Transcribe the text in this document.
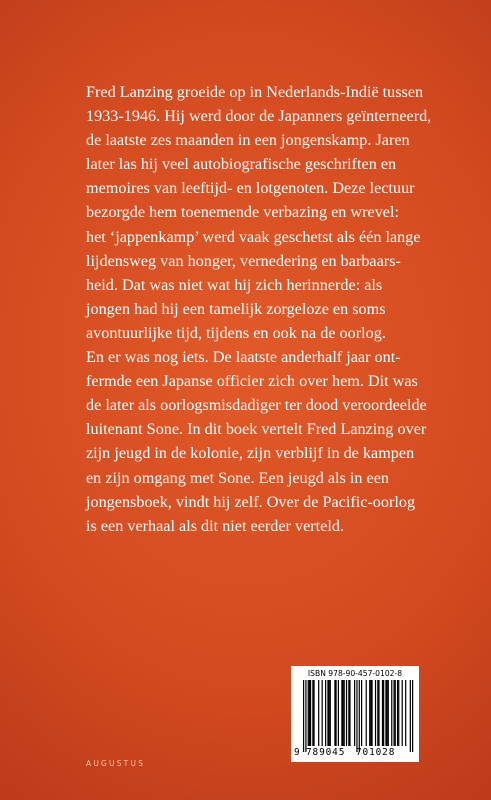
Fred Lanzing groeide op in Nederlands-Indië tussen
1933-1946. Hij werd door de Japanners geïnterneerd,
de laatste zes maanden in een jongenskamp. Jaren
later las hij veel autobiografische geschriften en
memoires van leeftijd- en lotgenoten. Deze lectuur
bezorgde hem toenemende verbazing en wrevel:
het ‘jappenkamp’ werd vaak geschetst als één lange
lijdensweg van honger, vernedering en barbaars-
heid. Dat was niet wat hij zich herinnerde: als
jongen had hij een tamelijk zorgeloze en soms
avontuurlijke tijd, tijdens en ook na de oorlog.
En er was nog iets. De laatste anderhalf jaar ont-
fermde een Japanse officier zich over hem. Dit was
de later als oorlogsmisdadiger ter dood veroordeelde
luitenant Sone. In dit boek vertelt Fred Lanzing over
zijn jeugd in de kolonie, zijn verblijf in de kampen
en zijn omgang met Sone. Een jeugd als in een
jongensboek, vindt hij zelf. Over de Pacific-oorlog
is een verhaal als dit niet eerder verteld.
ISBN 978-90-457-0102-8
9 789045 701028
AUGUSTUS
